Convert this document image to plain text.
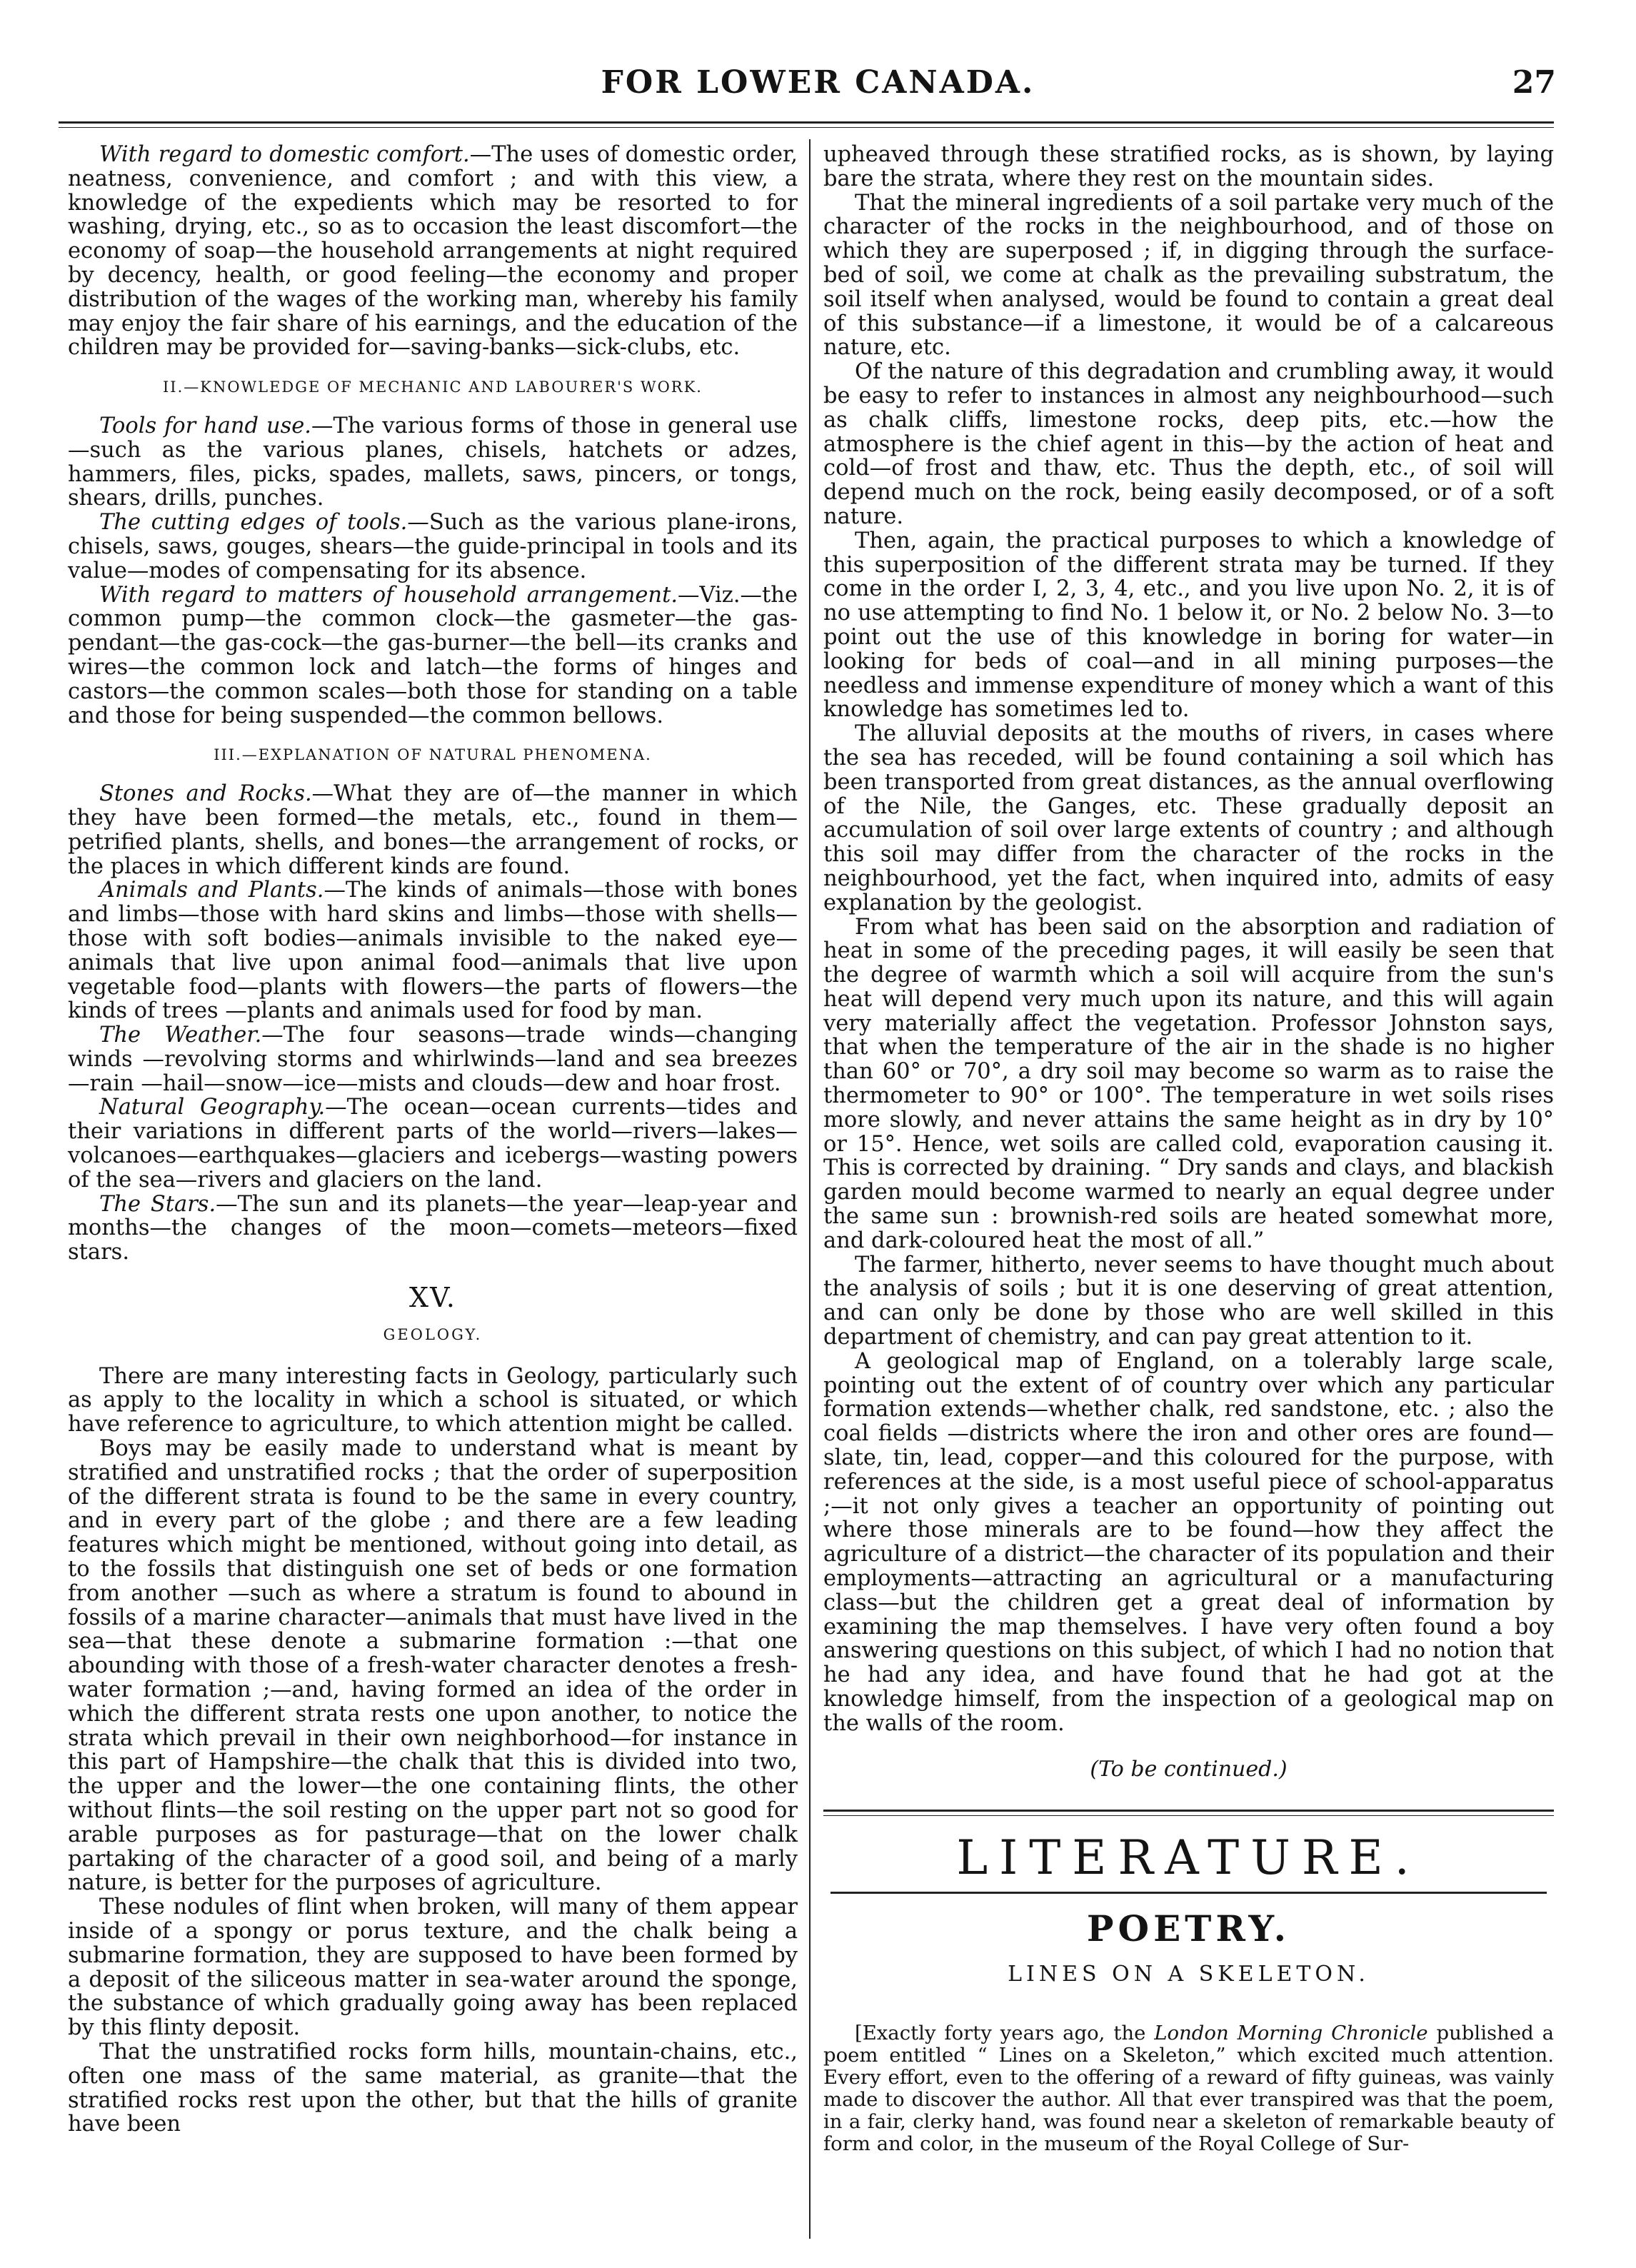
FOR LOWER CANADA.	27

With regard to domestic comfort.—The uses of domestic order, neatness, convenience, and comfort ; and with this view, a knowledge of the expedients which may be resorted to for washing, drying, etc., so as to occasion the least discomfort—the economy of soap—the household arrangements at night required by decency, health, or good feeling—the economy and proper distribution of the wages of the working man, whereby his family may enjoy the fair share of his earnings, and the education of the children may be provided for—saving-banks—sick-clubs, etc.

II.—KNOWLEDGE OF MECHANIC AND LABOURER'S WORK.

Tools for hand use.—The various forms of those in general use —such as the various planes, chisels, hatchets or adzes, hammers, files, picks, spades, mallets, saws, pincers, or tongs, shears, drills, punches.

The cutting edges of tools.—Such as the various plane-irons, chisels, saws, gouges, shears—the guide-principal in tools and its value—modes of compensating for its absence.

With regard to matters of household arrangement.—Viz.—the common pump—the common clock—the gasmeter—the gas-pendant—the gas-cock—the gas-burner—the bell—its cranks and wires—the common lock and latch—the forms of hinges and castors—the common scales—both those for standing on a table and those for being suspended—the common bellows.

III.—EXPLANATION OF NATURAL PHENOMENA.

Stones and Rocks.—What they are of—the manner in which they have been formed—the metals, etc., found in them—petrified plants, shells, and bones—the arrangement of rocks, or the places in which different kinds are found.

Animals and Plants.—The kinds of animals—those with bones and limbs—those with hard skins and limbs—those with shells—those with soft bodies—animals invisible to the naked eye—animals that live upon animal food—animals that live upon vegetable food—plants with flowers—the parts of flowers—the kinds of trees —plants and animals used for food by man.

The Weather.—The four seasons—trade winds—changing winds —revolving storms and whirlwinds—land and sea breezes—rain —hail—snow—ice—mists and clouds—dew and hoar frost.

Natural Geography.—The ocean—ocean currents—tides and their variations in different parts of the world—rivers—lakes—volcanoes—earthquakes—glaciers and icebergs—wasting powers of the sea—rivers and glaciers on the land.

The Stars.—The sun and its planets—the year—leap-year and months—the changes of the moon—comets—meteors—fixed stars.

XV.
GEOLOGY.

There are many interesting facts in Geology, particularly such as apply to the locality in which a school is situated, or which have reference to agriculture, to which attention might be called.

Boys may be easily made to understand what is meant by stratified and unstratified rocks ; that the order of superposition of the different strata is found to be the same in every country, and in every part of the globe ; and there are a few leading features which might be mentioned, without going into detail, as to the fossils that distinguish one set of beds or one formation from another —such as where a stratum is found to abound in fossils of a marine character—animals that must have lived in the sea—that these denote a submarine formation :—that one abounding with those of a fresh-water character denotes a fresh-water formation ;—and, having formed an idea of the order in which the different strata rests one upon another, to notice the strata which prevail in their own neighborhood—for instance in this part of Hampshire—the chalk that this is divided into two, the upper and the lower—the one containing flints, the other without flints—the soil resting on the upper part not so good for arable purposes as for pasturage—that on the lower chalk partaking of the character of a good soil, and being of a marly nature, is better for the purposes of agriculture.

These nodules of flint when broken, will many of them appear inside of a spongy or porus texture, and the chalk being a submarine formation, they are supposed to have been formed by a deposit of the siliceous matter in sea-water around the sponge, the substance of which gradually going away has been replaced by this flinty deposit.

That the unstratified rocks form hills, mountain-chains, etc., often one mass of the same material, as granite—that the stratified rocks rest upon the other, but that the hills of granite have been

upheaved through these stratified rocks, as is shown, by laying bare the strata, where they rest on the mountain sides.

That the mineral ingredients of a soil partake very much of the character of the rocks in the neighbourhood, and of those on which they are superposed ; if, in digging through the surface-bed of soil, we come at chalk as the prevailing substratum, the soil itself when analysed, would be found to contain a great deal of this substance—if a limestone, it would be of a calcareous nature, etc.

Of the nature of this degradation and crumbling away, it would be easy to refer to instances in almost any neighbourhood—such as chalk cliffs, limestone rocks, deep pits, etc.—how the atmosphere is the chief agent in this—by the action of heat and cold—of frost and thaw, etc. Thus the depth, etc., of soil will depend much on the rock, being easily decomposed, or of a soft nature.

Then, again, the practical purposes to which a knowledge of this superposition of the different strata may be turned. If they come in the order I, 2, 3, 4, etc., and you live upon No. 2, it is of no use attempting to find No. 1 below it, or No. 2 below No. 3—to point out the use of this knowledge in boring for water—in looking for beds of coal—and in all mining purposes—the needless and immense expenditure of money which a want of this knowledge has sometimes led to.

The alluvial deposits at the mouths of rivers, in cases where the sea has receded, will be found containing a soil which has been transported from great distances, as the annual overflowing of the Nile, the Ganges, etc. These gradually deposit an accumulation of soil over large extents of country ; and although this soil may differ from the character of the rocks in the neighbourhood, yet the fact, when inquired into, admits of easy explanation by the geologist.

From what has been said on the absorption and radiation of heat in some of the preceding pages, it will easily be seen that the degree of warmth which a soil will acquire from the sun's heat will depend very much upon its nature, and this will again very materially affect the vegetation. Professor Johnston says, that when the temperature of the air in the shade is no higher than 60° or 70°, a dry soil may become so warm as to raise the thermometer to 90° or 100°. The temperature in wet soils rises more slowly, and never attains the same height as in dry by 10° or 15°. Hence, wet soils are called cold, evaporation causing it. This is corrected by draining. “ Dry sands and clays, and blackish garden mould become warmed to nearly an equal degree under the same sun : brownish-red soils are heated somewhat more, and dark-coloured heat the most of all.”

The farmer, hitherto, never seems to have thought much about the analysis of soils ; but it is one deserving of great attention, and can only be done by those who are well skilled in this department of chemistry, and can pay great attention to it.

A geological map of England, on a tolerably large scale, pointing out the extent of of country over which any particular formation extends—whether chalk, red sandstone, etc. ; also the coal fields —districts where the iron and other ores are found—slate, tin, lead, copper—and this coloured for the purpose, with references at the side, is a most useful piece of school-apparatus ;—it not only gives a teacher an opportunity of pointing out where those minerals are to be found—how they affect the agriculture of a district—the character of its population and their employments—attracting an agricultural or a manufacturing class—but the children get a great deal of information by examining the map themselves. I have very often found a boy answering questions on this subject, of which I had no notion that he had any idea, and have found that he had got at the knowledge himself, from the inspection of a geological map on the walls of the room.

(To be continued.)
LITERATURE.
POETRY.
LINES ON A SKELETON.

[Exactly forty years ago, the London Morning Chronicle published a poem entitled “ Lines on a Skeleton,” which excited much attention. Every effort, even to the offering of a reward of fifty guineas, was vainly made to discover the author. All that ever transpired was that the poem, in a fair, clerky hand, was found near a skeleton of remarkable beauty of form and color, in the museum of the Royal College of Sur-
